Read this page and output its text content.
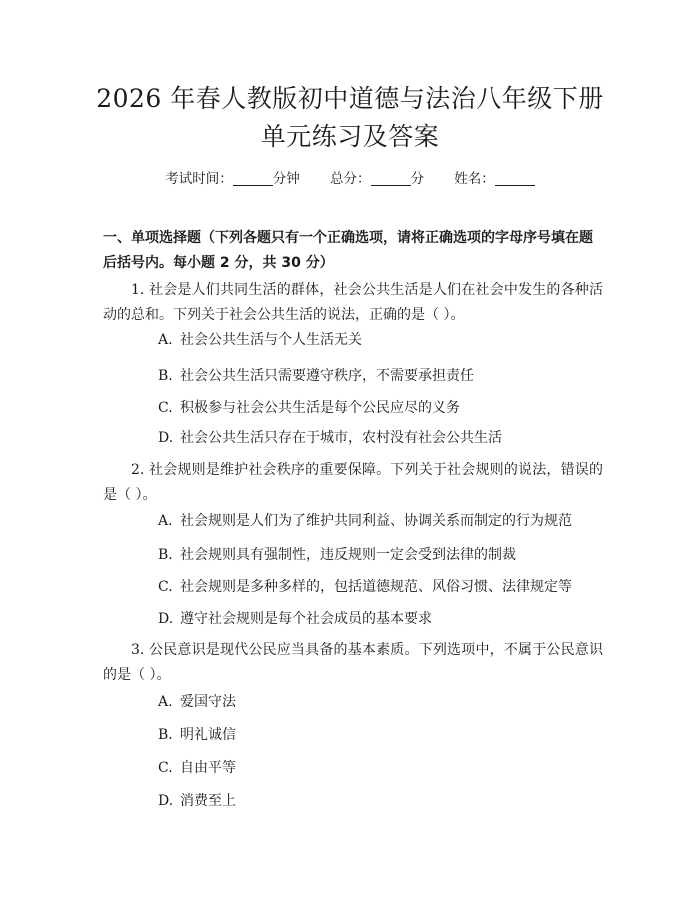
2026 年春人教版初中道德与法治八年级下册
单元练习及答案
考试时间：	分钟 总分：	分 姓名：
一、单项选择题（下列各题只有一个正确选项，请将正确选项的字母序号填在题后括号内。每小题 2 分，共 30 分）
1. 社会是人们共同生活的群体，社会公共生活是人们在社会中发生的各种活动的总和。下列关于社会公共生活的说法，正确的是（ ）。
A. 社会公共生活与个人生活无关
B. 社会公共生活只需要遵守秩序，不需要承担责任
C. 积极参与社会公共生活是每个公民应尽的义务
D. 社会公共生活只存在于城市，农村没有社会公共生活
2. 社会规则是维护社会秩序的重要保障。下列关于社会规则的说法，错误的是（ ）。
A. 社会规则是人们为了维护共同利益、协调关系而制定的行为规范
B. 社会规则具有强制性，违反规则一定会受到法律的制裁
C. 社会规则是多种多样的，包括道德规范、风俗习惯、法律规定等
D. 遵守社会规则是每个社会成员的基本要求
3. 公民意识是现代公民应当具备的基本素质。下列选项中，不属于公民意识的是（ ）。
A. 爱国守法
B. 明礼诚信
C. 自由平等
D. 消费至上
